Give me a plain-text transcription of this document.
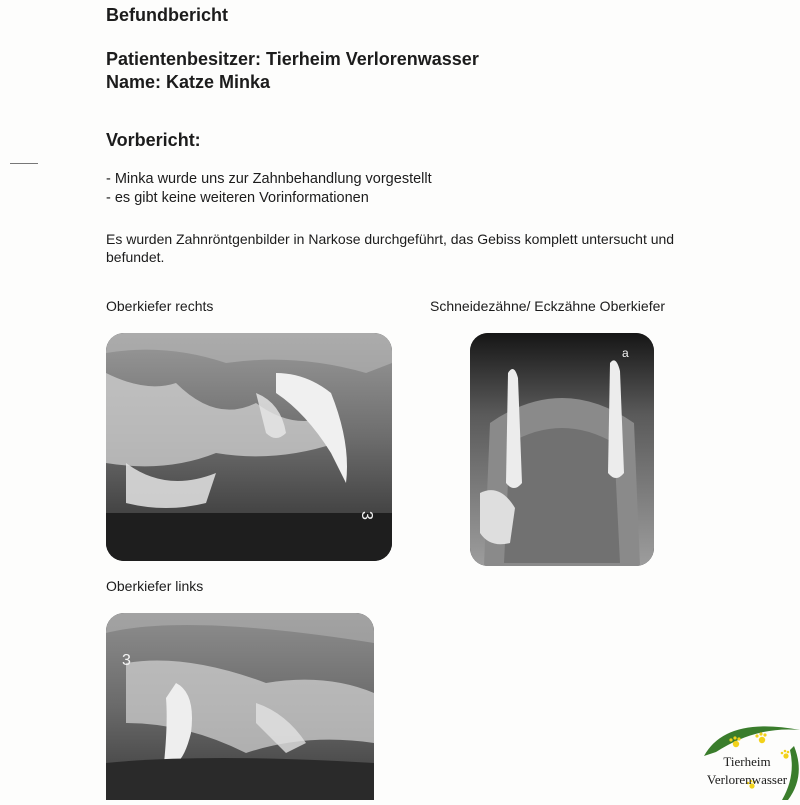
Befundbericht
Patientenbesitzer: Tierheim Verlorenwasser
Name: Katze Minka
Vorbericht:
- Minka wurde uns zur Zahnbehandlung vorgestellt
- es gibt keine weiteren Vorinformationen
Es wurden Zahnröntgenbilder in Narkose durchgeführt, das Gebiss komplett untersucht und befundet.
Oberkiefer rechts	Schneidezähne/ Eckzähne Oberkiefer
Oberkiefer links
3
a
3
Tierheim
Verlorenwasser
